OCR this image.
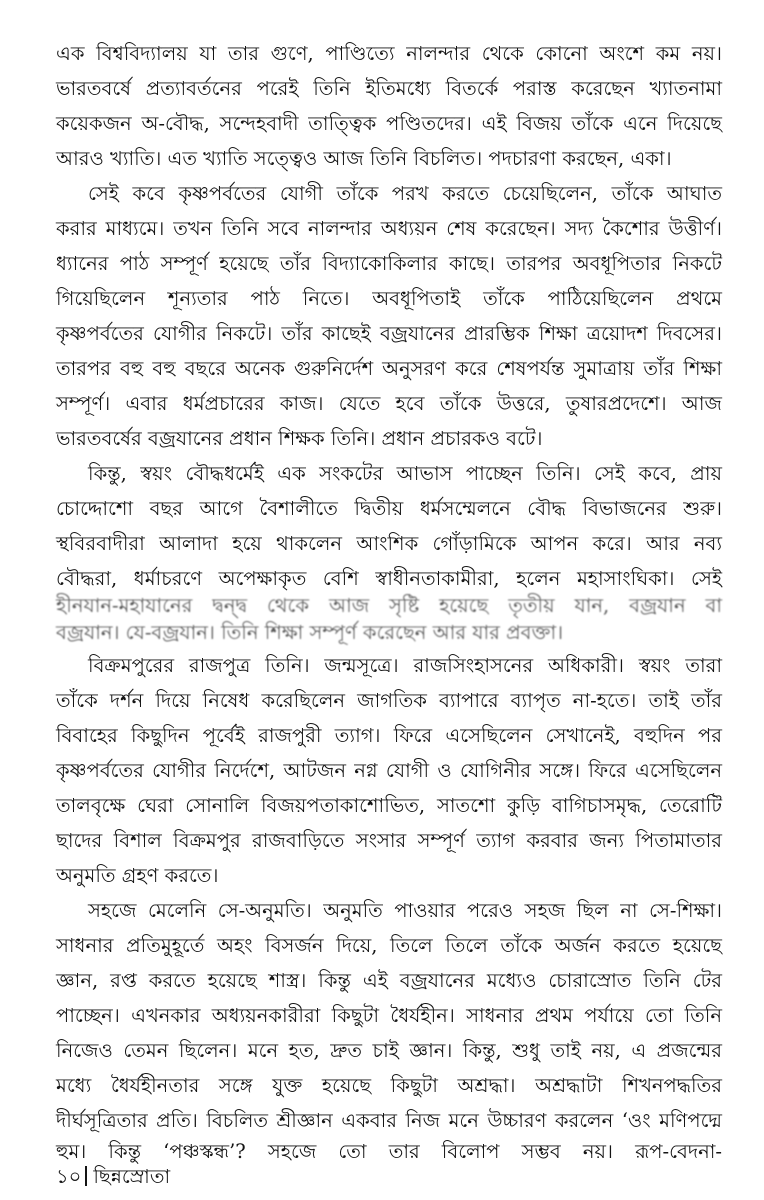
এক বিশ্ববিদ্যালয় যা তার গুণে, পাণ্ডিত্যে নালন্দার থেকে কোনো অংশে কম নয়।
ভারতবর্ষে প্রত্যাবর্তনের পরেই তিনি ইতিমধ্যে বিতর্কে পরাস্ত করেছেন খ্যাতনামা
কয়েকজন অ-বৌদ্ধ, সন্দেহবাদী তাত্ত্বিক পণ্ডিতদের। এই বিজয় তাঁকে এনে দিয়েছে
আরও খ্যাতি। এত খ্যাতি সত্ত্বেও আজ তিনি বিচলিত। পদচারণা করছেন, একা।
সেই কবে কৃষ্ণপর্বতের যোগী তাঁকে পরখ করতে চেয়েছিলেন, তাঁকে আঘাত
করার মাধ্যমে। তখন তিনি সবে নালন্দার অধ্যয়ন শেষ করেছেন। সদ্য কৈশোর উত্তীর্ণ।
ধ্যানের পাঠ সম্পূর্ণ হয়েছে তাঁর বিদ্যাকোকিলার কাছে। তারপর অবধূপিতার নিকটে
গিয়েছিলেন শূন্যতার পাঠ নিতে। অবধূপিতাই তাঁকে পাঠিয়েছিলেন প্রথমে
কৃষ্ণপর্বতের যোগীর নিকটে। তাঁর কাছেই বজ্রযানের প্রারম্ভিক শিক্ষা ত্রয়োদশ দিবসের।
তারপর বহু বহু বছরে অনেক গুরুনির্দেশ অনুসরণ করে শেষপর্যন্ত সুমাত্রায় তাঁর শিক্ষা
সম্পূর্ণ। এবার ধর্মপ্রচারের কাজ। যেতে হবে তাঁকে উত্তরে, তুষারপ্রদেশে। আজ
ভারতবর্ষের বজ্রযানের প্রধান শিক্ষক তিনি। প্রধান প্রচারকও বটে।
কিন্তু, স্বয়ং বৌদ্ধধর্মেই এক সংকটের আভাস পাচ্ছেন তিনি। সেই কবে, প্রায়
চোদ্দোশো বছর আগে বৈশালীতে দ্বিতীয় ধর্মসম্মেলনে বৌদ্ধ বিভাজনের শুরু।
স্থবিরবাদীরা আলাদা হয়ে থাকলেন আংশিক গোঁড়ামিকে আপন করে। আর নব্য
বৌদ্ধরা, ধর্মাচরণে অপেক্ষাকৃত বেশি স্বাধীনতাকামীরা, হলেন মহাসাংঘিকা। সেই
হীনযান-মহাযানের দ্বন্দ্ব থেকে আজ সৃষ্টি হয়েছে তৃতীয় যান, বজ্রযান বা
বজ্রযান। যে-বজ্রযান। তিনি শিক্ষা সম্পূর্ণ করেছেন আর যার প্রবক্তা।
বিক্রমপুরের রাজপুত্র তিনি। জন্মসূত্রে। রাজসিংহাসনের অধিকারী। স্বয়ং তারা
তাঁকে দর্শন দিয়ে নিষেধ করেছিলেন জাগতিক ব্যাপারে ব্যাপৃত না-হতে। তাই তাঁর
বিবাহের কিছুদিন পূর্বেই রাজপুরী ত্যাগ। ফিরে এসেছিলেন সেখানেই, বহুদিন পর
কৃষ্ণপর্বতের যোগীর নির্দেশে, আটজন নগ্ন যোগী ও যোগিনীর সঙ্গে। ফিরে এসেছিলেন
তালবৃক্ষে ঘেরা সোনালি বিজয়পতাকাশোভিত, সাতশো কুড়ি বাগিচাসমৃদ্ধ, তেরোটি
ছাদের বিশাল বিক্রমপুর রাজবাড়িতে সংসার সম্পূর্ণ ত্যাগ করবার জন্য পিতামাতার
অনুমতি গ্রহণ করতে।
সহজে মেলেনি সে-অনুমতি। অনুমতি পাওয়ার পরেও সহজ ছিল না সে-শিক্ষা।
সাধনার প্রতিমুহূর্তে অহং বিসর্জন দিয়ে, তিলে তিলে তাঁকে অর্জন করতে হয়েছে
জ্ঞান, রপ্ত করতে হয়েছে শাস্ত্র। কিন্তু এই বজ্রযানের মধ্যেও চোরাস্রোত তিনি টের
পাচ্ছেন। এখনকার অধ্যয়নকারীরা কিছুটা ধৈর্যহীন। সাধনার প্রথম পর্যায়ে তো তিনি
নিজেও তেমন ছিলেন। মনে হত, দ্রুত চাই জ্ঞান। কিন্তু, শুধু তাই নয়, এ প্রজন্মের
মধ্যে ধৈর্যহীনতার সঙ্গে যুক্ত হয়েছে কিছুটা অশ্রদ্ধা। অশ্রদ্ধাটা শিখনপদ্ধতির
দীর্ঘসূত্রিতার প্রতি। বিচলিত শ্রীজ্ঞান একবার নিজ মনে উচ্চারণ করলেন ‘ওং মণিপদ্মে
হুম। কিন্তু ‘পঞ্চস্কন্ধ’? সহজে তো তার বিলোপ সম্ভব নয়। রূপ-বেদনা-
১০ ছিন্নস্রোতা
